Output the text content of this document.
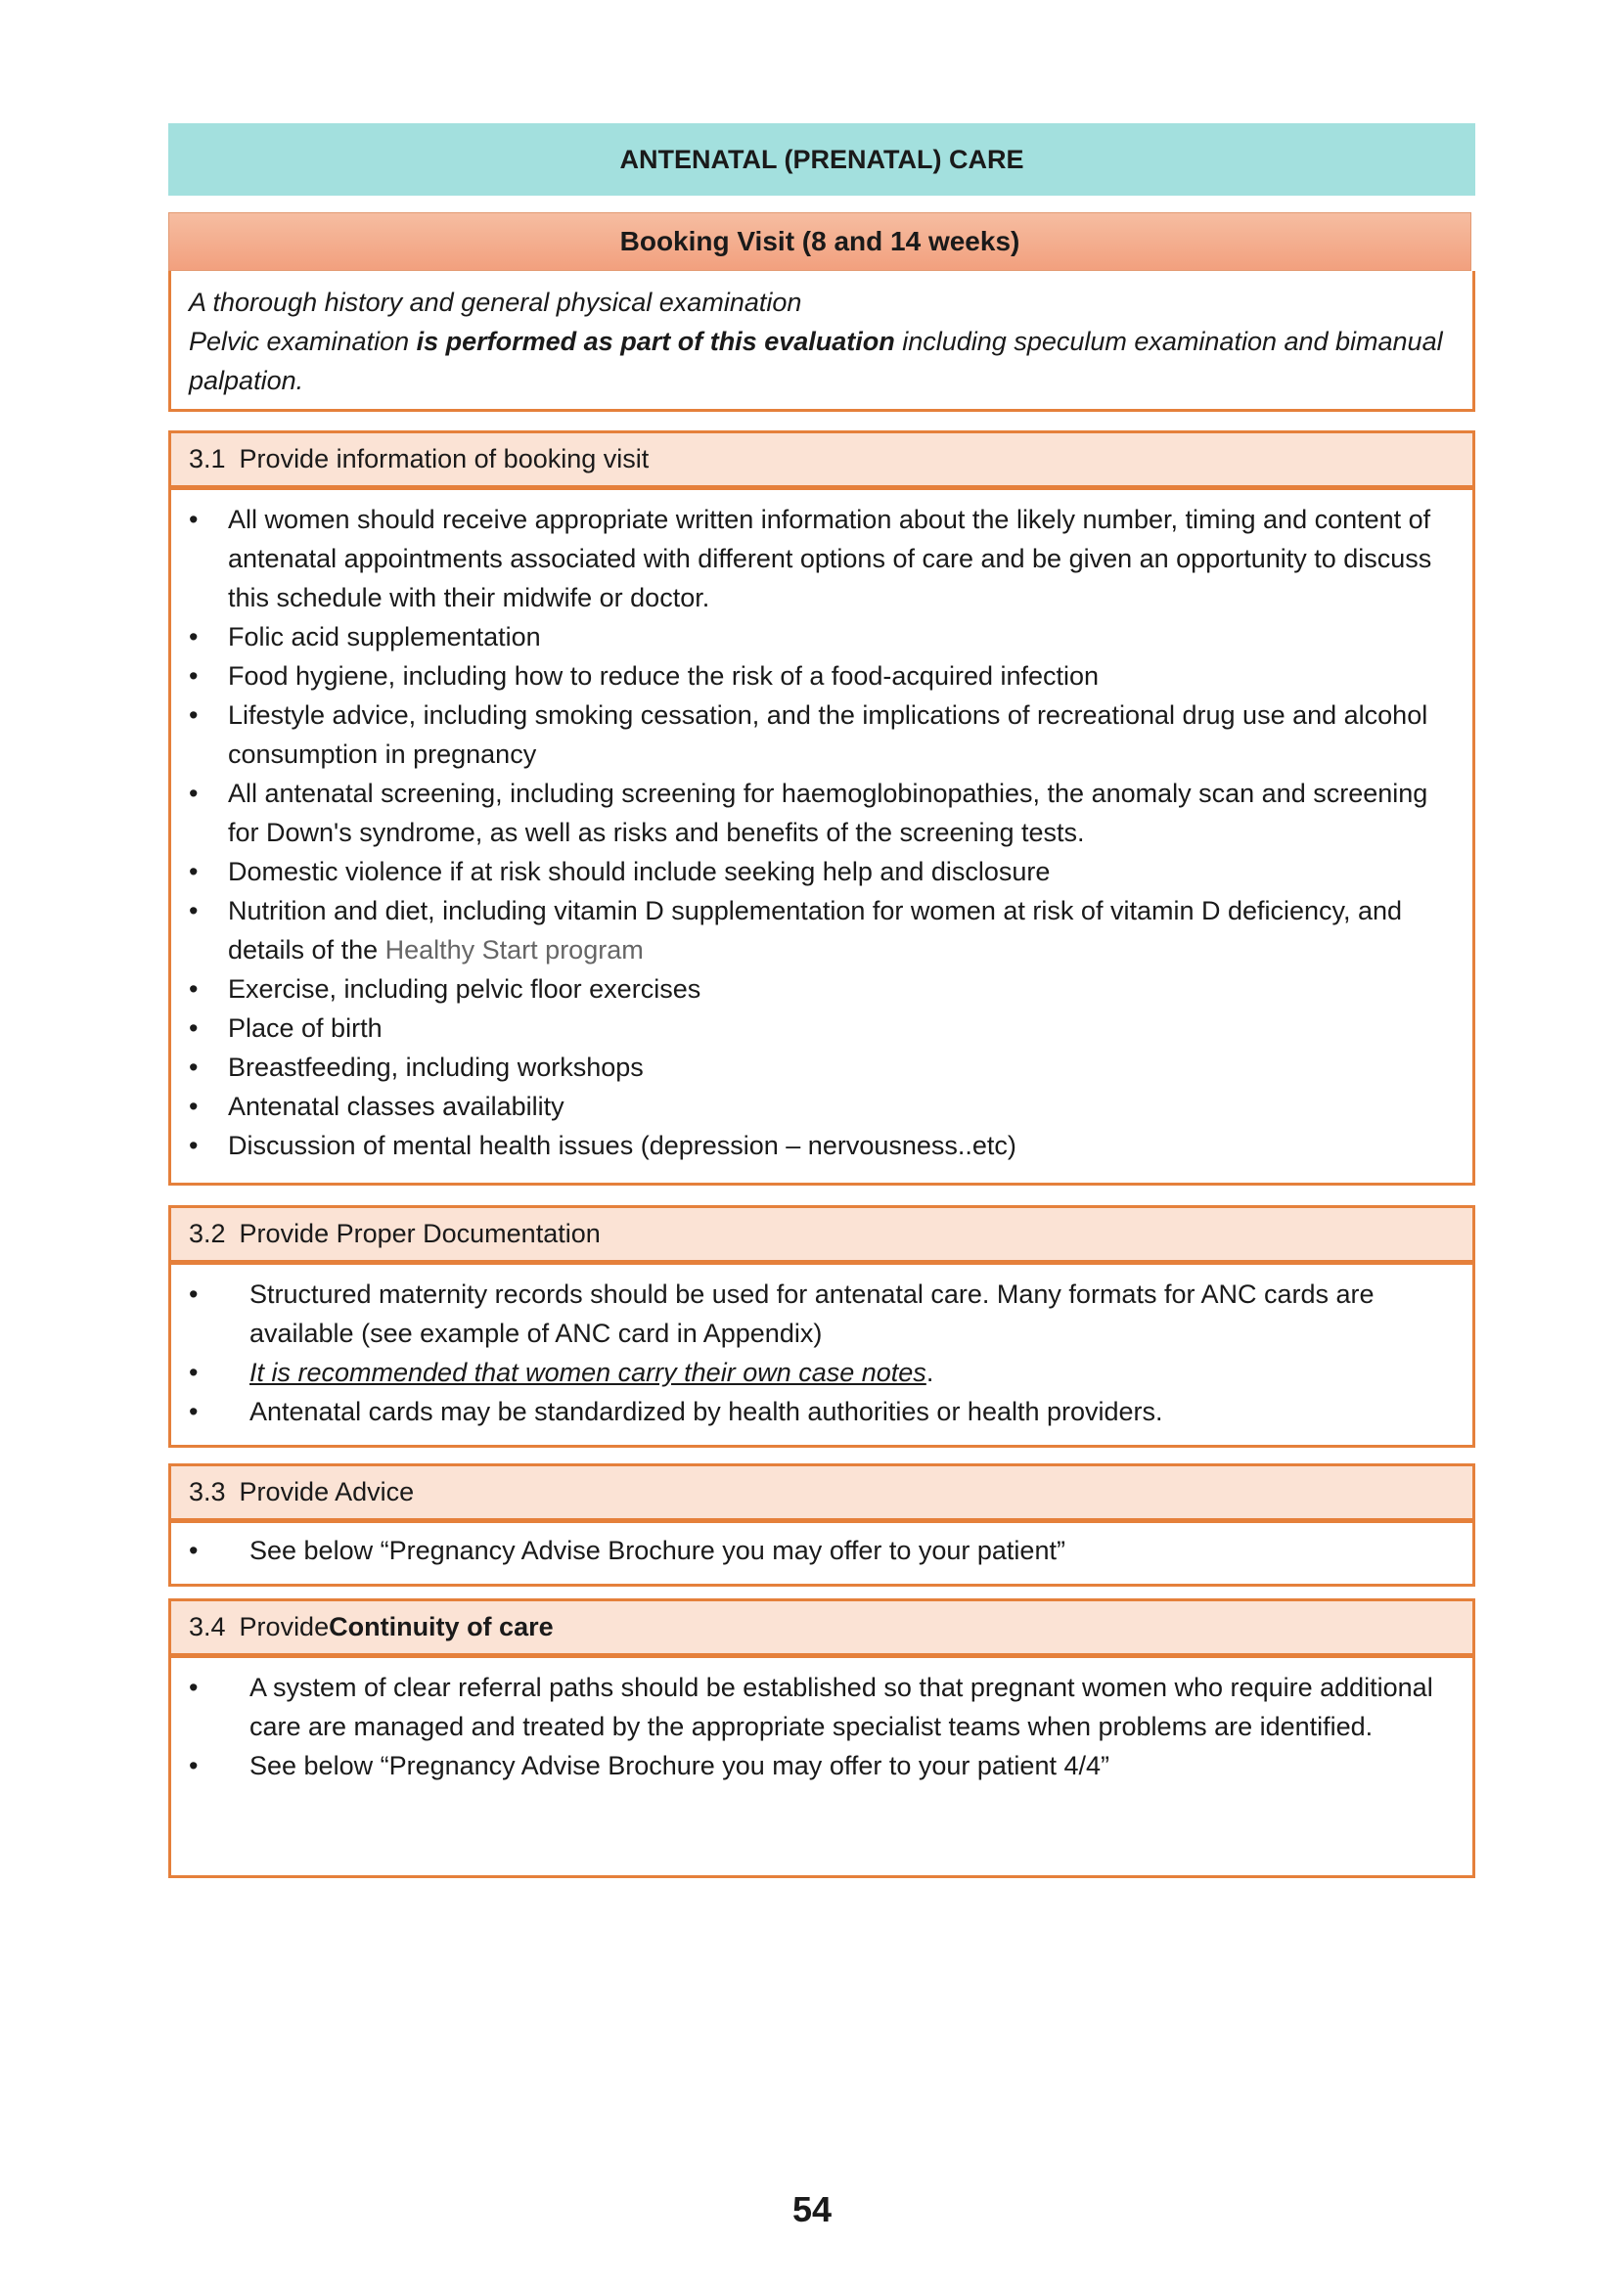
ANTENATAL (PRENATAL) CARE
Booking Visit (8 and 14 weeks)
A thorough history and general physical examination
Pelvic examination is performed as part of this evaluation including speculum examination and bimanual palpation.
3.1 Provide information of booking visit
• All women should receive appropriate written information about the likely number, timing and content of antenatal appointments associated with different options of care and be given an opportunity to discuss this schedule with their midwife or doctor.
• Folic acid supplementation
• Food hygiene, including how to reduce the risk of a food-acquired infection
• Lifestyle advice, including smoking cessation, and the implications of recreational drug use and alcohol consumption in pregnancy
• All antenatal screening, including screening for haemoglobinopathies, the anomaly scan and screening for Down's syndrome, as well as risks and benefits of the screening tests.
• Domestic violence if at risk should include seeking help and disclosure
• Nutrition and diet, including vitamin D supplementation for women at risk of vitamin D deficiency, and details of the Healthy Start program
• Exercise, including pelvic floor exercises
• Place of birth
• Breastfeeding, including workshops
• Antenatal classes availability
• Discussion of mental health issues (depression – nervousness..etc)
3.2 Provide Proper Documentation
• Structured maternity records should be used for antenatal care. Many formats for ANC cards are available (see example of ANC card in Appendix)
• It is recommended that women carry their own case notes.
• Antenatal cards may be standardized by health authorities or health providers.
3.3 Provide Advice
• See below “Pregnancy Advise Brochure you may offer to your patient”
3.4 Provide Continuity of care
• A system of clear referral paths should be established so that pregnant women who require additional care are managed and treated by the appropriate specialist teams when problems are identified.
• See below “Pregnancy Advise Brochure you may offer to your patient 4/4”
54
